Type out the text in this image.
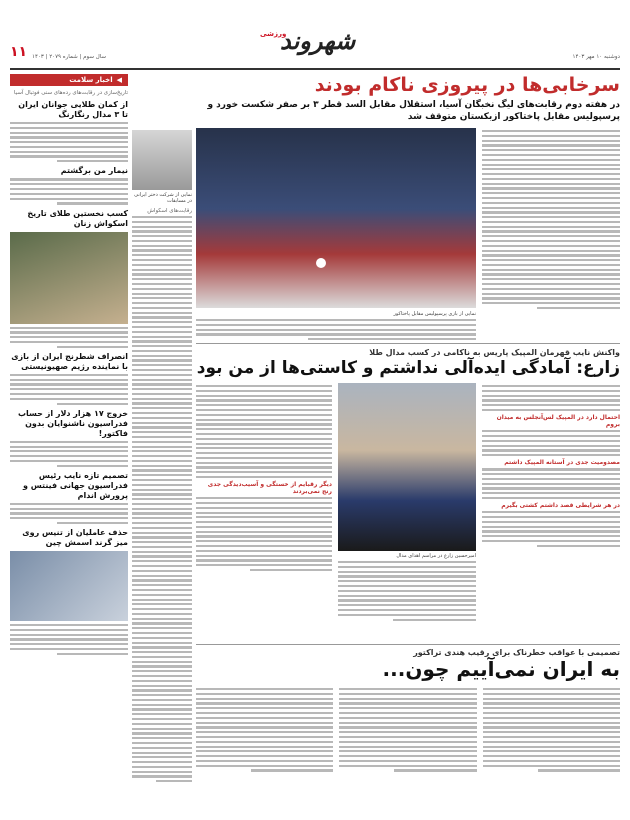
۱۱ سال سوم | شماره ۲۰۷۹ | ۱۴۰۳
ورزشی
شهروند
دوشنبه ۱۰ مهر ۱۴۰۳
◀
اخبار سلامت
تاریخ‌سازی در رقابت‌های رده‌های سنی فوتبال آسیا
از کمان طلایی جوانان ایران تا ۳ مدال رنگارنگ
نیمار من برگشتم
کسب نخستین طلای تاریخ اسکواش زنان
انصراف شطرنج ایران از بازی با نماینده رژیم صهیونیستی
خروج ۱۷ هزار دلار از حساب فدراسیون ناشنوایان بدون فاکتور!
تصمیم تازه نایب رئیس فدراسیون جهانی فینتس و پرورش اندام
حذف عاملیان از تنیس روی میز گرند اسمش چین
نمایی از شرکت دختر ایرانی در مسابقات
رقابت‌های اسکواش
سرخابی‌ها در پیروزی ناکام بودند
در هفته دوم رقابت‌های لیگ نخبگان آسیا، استقلال مقابل السد قطر ۳ بر صفر شکست خورد و پرسپولیس مقابل پاختاکور ازبکستان متوقف شد
نمایی از بازی پرسپولیس مقابل پاختاکور
واکنش نایب قهرمان المپیک پاریس به ناکامی در کسب مدال طلا
زارع: آمادگی ایده‌آلی نداشتم و کاستی‌ها از من بود
احتمال دارد در المپیک لس‌آنجلس به میدان بروم
مصدومیت جدی در آستانه المپیک داشتم
در هر شرایطی قصد داشتم کشتی بگیرم
امیرحسین زارع در مراسم اهدای مدال
دیگر رقبایم از خستگی و آسیب‌دیدگی جدی رنج نمی‌بردند
تصمیمی با عواقب خطرناک برای رقیب هندی تراکتور
به ایران نمی‌آییم چون...
